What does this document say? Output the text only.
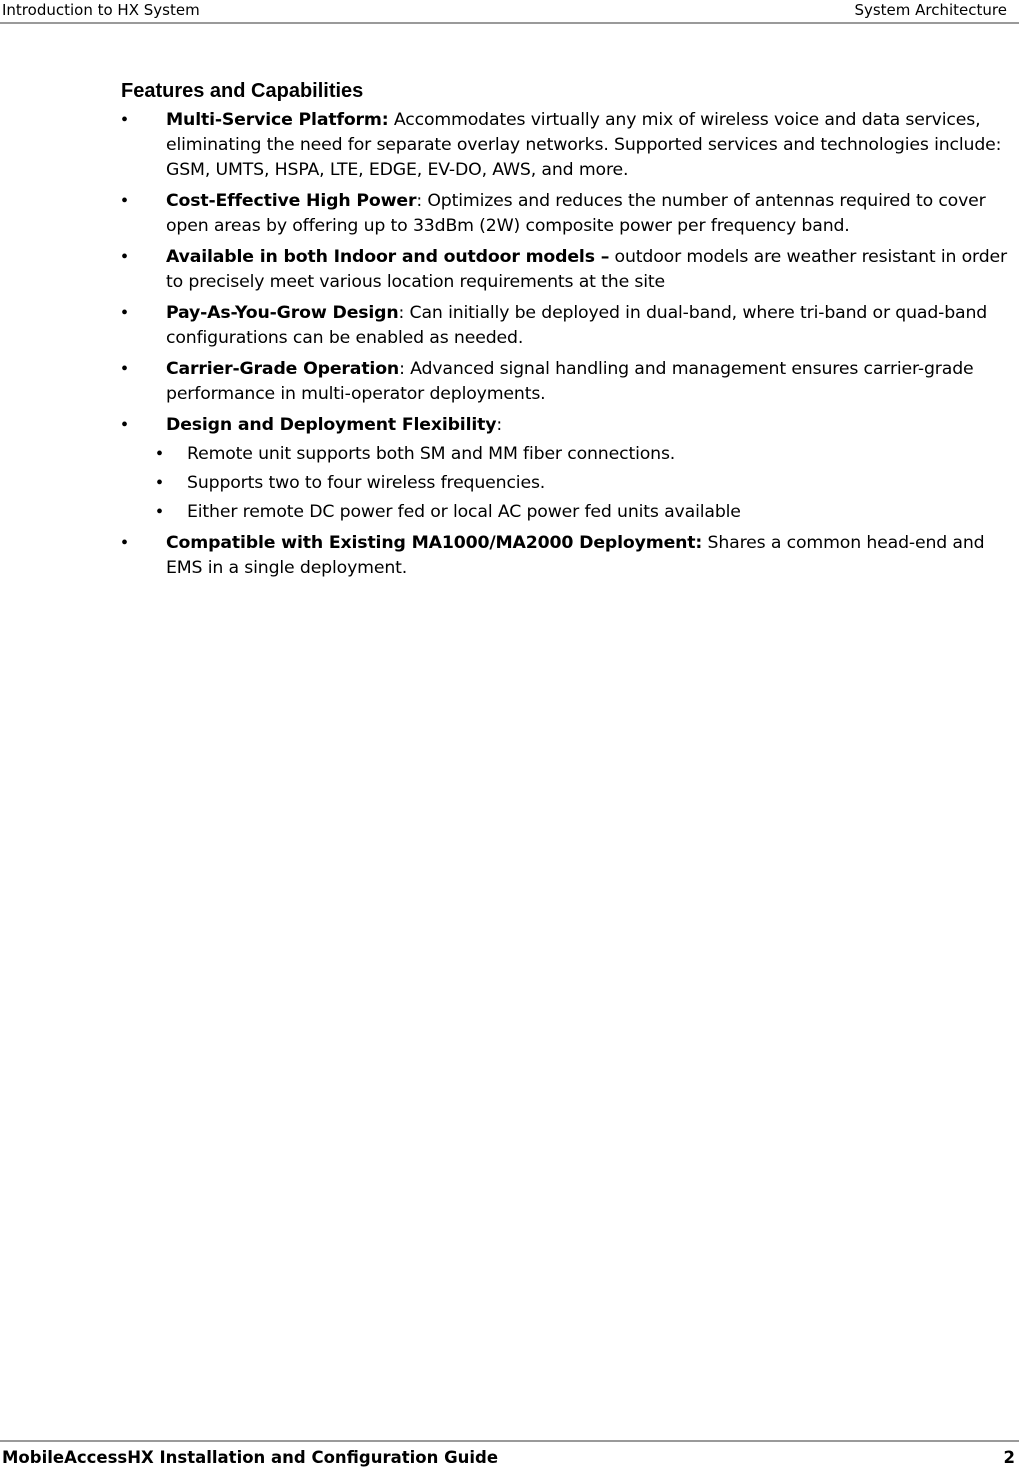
Introduction to HX System	System Architecture
Features and Capabilities
• Multi-Service Platform: Accommodates virtually any mix of wireless voice and data services, eliminating the need for separate overlay networks. Supported services and technologies include: GSM, UMTS, HSPA, LTE, EDGE, EV-DO, AWS, and more.
• Cost-Effective High Power: Optimizes and reduces the number of antennas required to cover open areas by offering up to 33dBm (2W) composite power per frequency band.
• Available in both Indoor and outdoor models – outdoor models are weather resistant in order to precisely meet various location requirements at the site
• Pay-As-You-Grow Design: Can initially be deployed in dual-band, where tri-band or quad-band configurations can be enabled as needed.
• Carrier-Grade Operation: Advanced signal handling and management ensures carrier-grade performance in multi-operator deployments.
• Design and Deployment Flexibility:
• Remote unit supports both SM and MM fiber connections.
• Supports two to four wireless frequencies.
• Either remote DC power fed or local AC power fed units available
• Compatible with Existing MA1000/MA2000 Deployment: Shares a common head-end and EMS in a single deployment.
MobileAccessHX Installation and Configuration Guide	2
